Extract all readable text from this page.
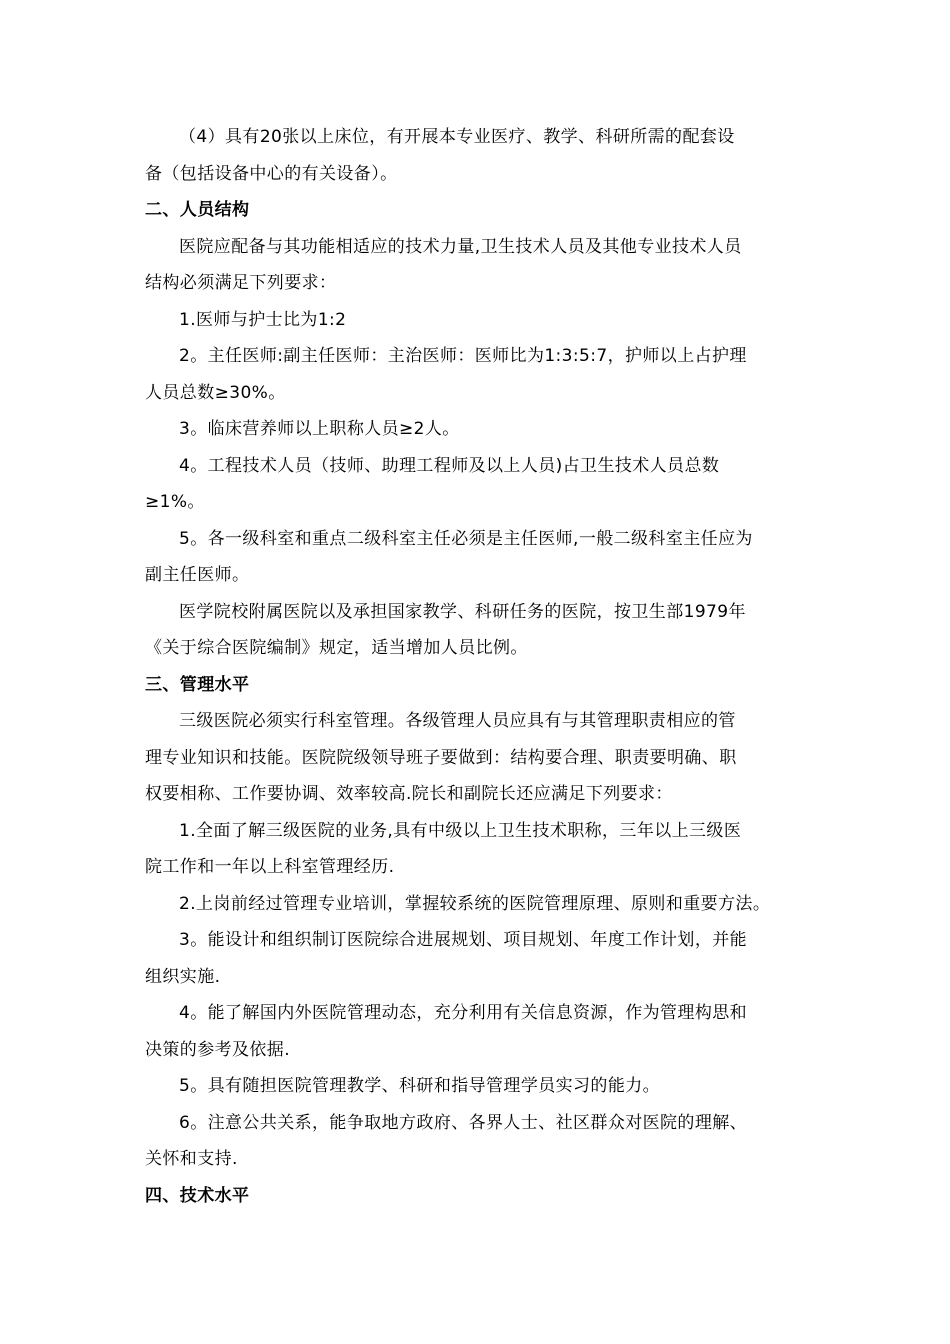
（4）具有20张以上床位，有开展本专业医疗、教学、科研所需的配套设
备（包括设备中心的有关设备）。
二、人员结构
医院应配备与其功能相适应的技术力量,卫生技术人员及其他专业技术人员
结构必须满足下列要求：
1.医师与护士比为1:2
2。主任医师:副主任医师：主治医师：医师比为1:3:5:7，护师以上占护理
人员总数≥30%。
3。临床营养师以上职称人员≥2人。
4。工程技术人员（技师、助理工程师及以上人员)占卫生技术人员总数
≥1%。
5。各一级科室和重点二级科室主任必须是主任医师,一般二级科室主任应为
副主任医师。
医学院校附属医院以及承担国家教学、科研任务的医院，按卫生部1979年
《关于综合医院编制》规定，适当增加人员比例。
三、管理水平
三级医院必须实行科室管理。各级管理人员应具有与其管理职责相应的管
理专业知识和技能。医院院级领导班子要做到：结构要合理、职责要明确、职
权要相称、工作要协调、效率较高.院长和副院长还应满足下列要求：
1.全面了解三级医院的业务,具有中级以上卫生技术职称，三年以上三级医
院工作和一年以上科室管理经历.
2.上岗前经过管理专业培训，掌握较系统的医院管理原理、原则和重要方法。
3。能设计和组织制订医院综合进展规划、项目规划、年度工作计划，并能
组织实施.
4。能了解国内外医院管理动态，充分利用有关信息资源，作为管理构思和
决策的参考及依据.
5。具有随担医院管理教学、科研和指导管理学员实习的能力。
6。注意公共关系，能争取地方政府、各界人士、社区群众对医院的理解、
关怀和支持.
四、技术水平
